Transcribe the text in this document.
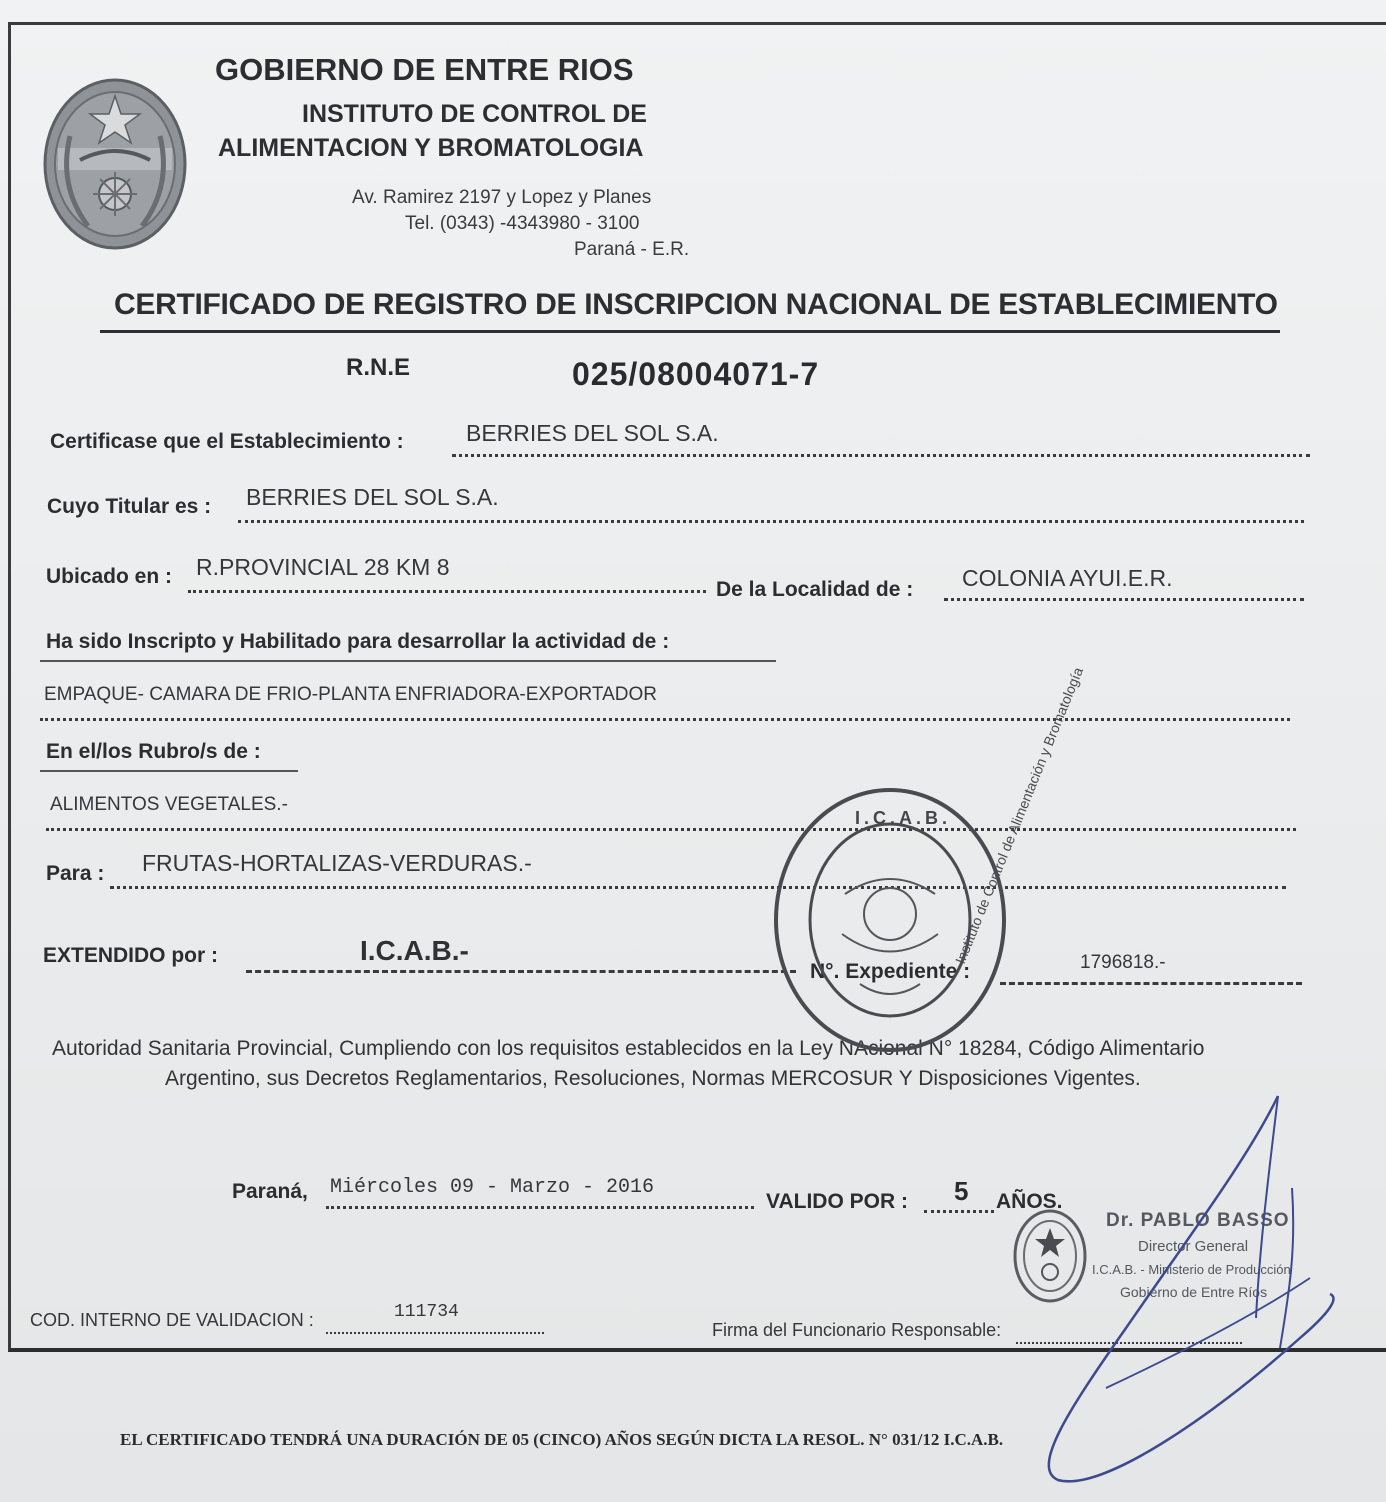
GOBIERNO DE ENTRE RIOS
INSTITUTO DE CONTROL DE
ALIMENTACION Y BROMATOLOGIA
Av. Ramirez 2197 y Lopez y Planes
Tel. (0343) -4343980 - 3100
Paraná - E.R.
CERTIFICADO DE REGISTRO DE INSCRIPCION NACIONAL DE ESTABLECIMIENTO
R.N.E	025/08004071-7
Certificase que el Establecimiento :	BERRIES DEL SOL S.A.
Cuyo Titular es : BERRIES DEL SOL S.A.
Ubicado en : R.PROVINCIAL 28 KM 8
De la Localidad de : COLONIA AYUI.E.R.
Ha sido Inscripto y Habilitado para desarrollar la actividad de :
EMPAQUE- CAMARA DE FRIO-PLANTA ENFRIADORA-EXPORTADOR
En el/los Rubro/s de :
ALIMENTOS VEGETALES.-
Para : FRUTAS-HORTALIZAS-VERDURAS.-
EXTENDIDO por :	I.C.A.B.-
N°. Expediente :	1796818.-
Autoridad Sanitaria Provincial, Cumpliendo con los requisitos establecidos en la Ley NAcional N° 18284, Código Alimentario
Argentino, sus Decretos Reglamentarios, Resoluciones, Normas MERCOSUR Y Disposiciones Vigentes.
I.C.A.B. Instituto de Control de Alimentación y Bromatología
Paraná, Miércoles 09 - Marzo - 2016
VALIDO POR : 5 AÑOS.
Dr. PABLO BASSO
Director General
I.C.A.B. - Ministerio de Producción
Gobierno de Entre Ríos
COD. INTERNO DE VALIDACION :	111734
Firma del Funcionario Responsable:
EL CERTIFICADO TENDRÁ UNA DURACIÓN DE 05 (CINCO) AÑOS SEGÚN DICTA LA RESOL. N° 031/12 I.C.A.B.
